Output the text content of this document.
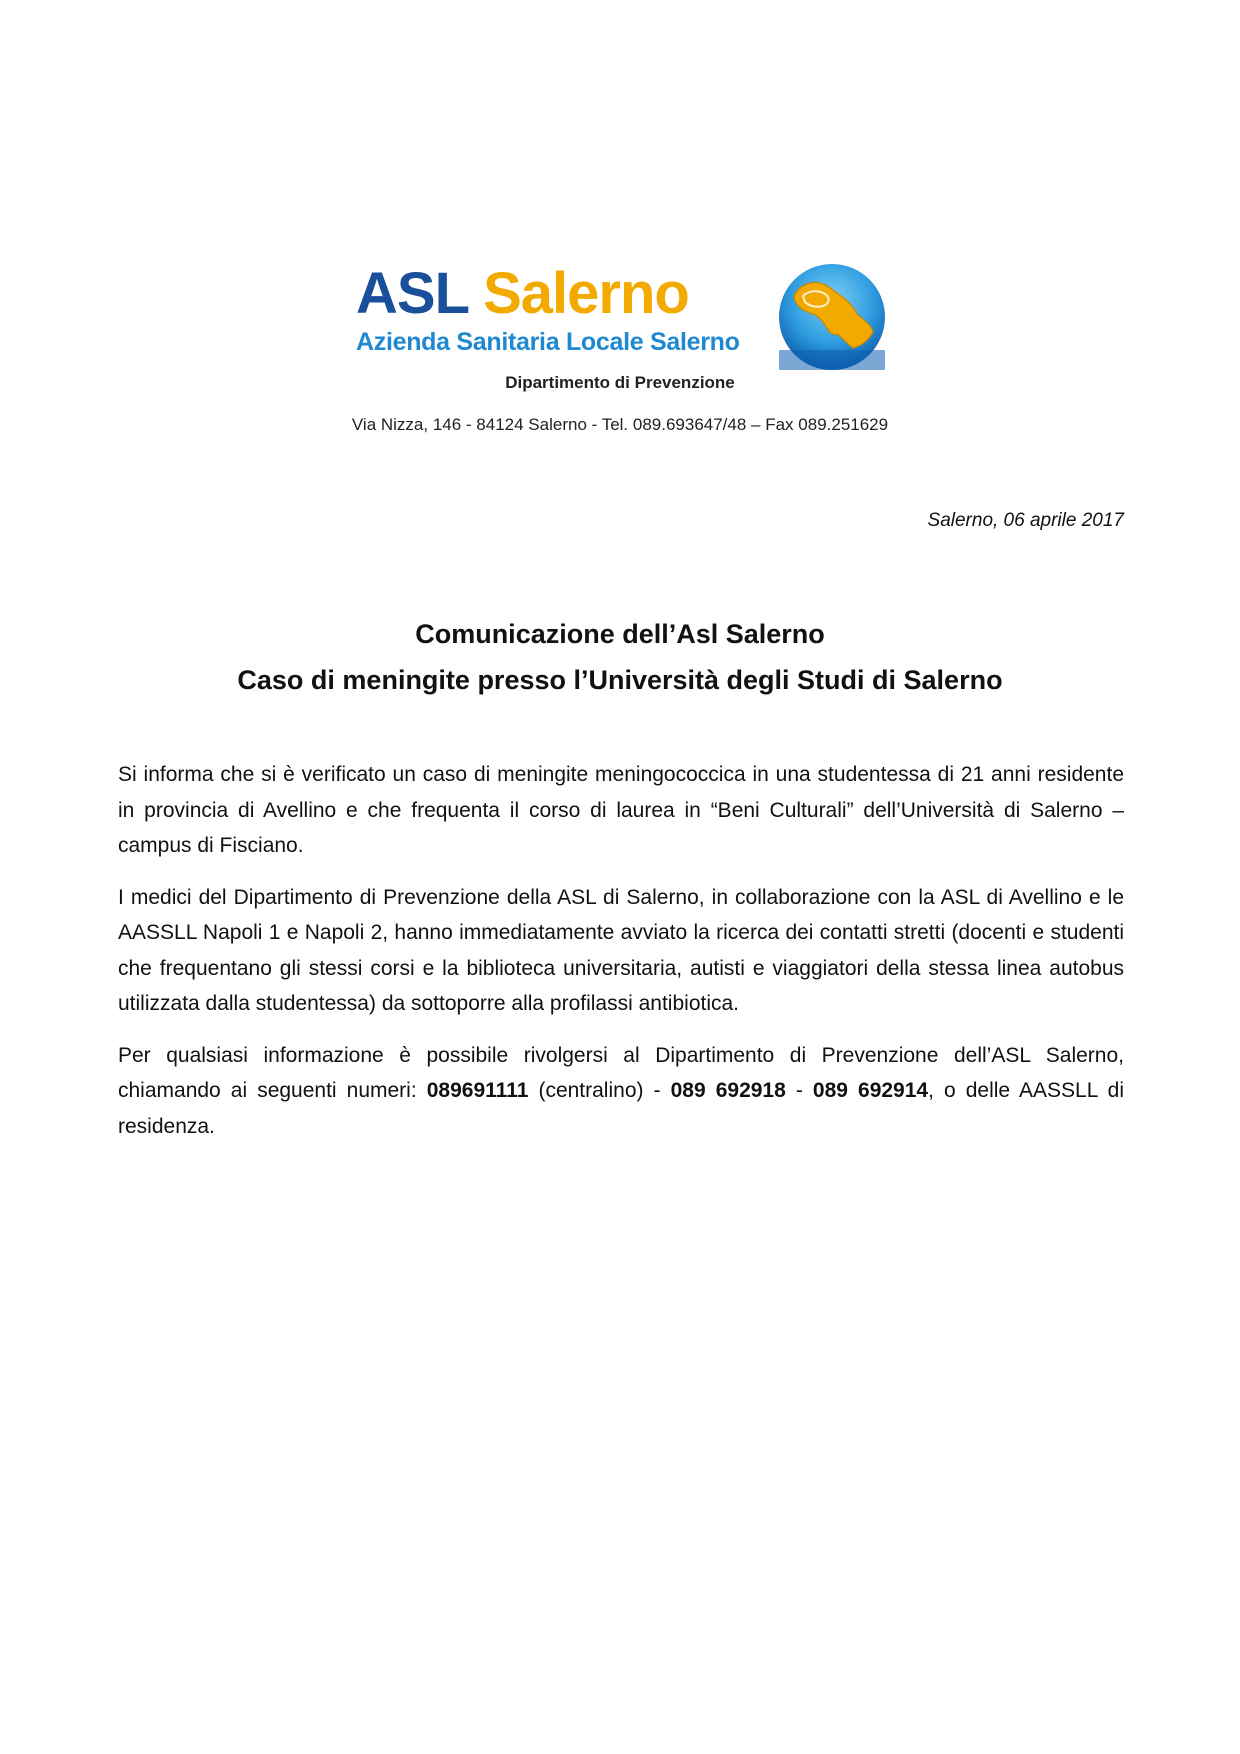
ASL Salerno
Azienda Sanitaria Locale Salerno
Dipartimento di Prevenzione
Via Nizza, 146 - 84124 Salerno - Tel. 089.693647/48 – Fax 089.251629
Salerno, 06 aprile 2017
Comunicazione dell’Asl Salerno
Caso di meningite presso l’Università degli Studi di Salerno

Si informa che si è verificato un caso di meningite meningococcica in una studentessa di 21 anni residente in provincia di Avellino e che frequenta il corso di laurea in “Beni Culturali” dell’Università di Salerno – campus di Fisciano.

I medici del Dipartimento di Prevenzione della ASL di Salerno, in collaborazione con la ASL di Avellino e le AASSLL Napoli 1 e Napoli 2, hanno immediatamente avviato la ricerca dei contatti stretti (docenti e studenti che frequentano gli stessi corsi e la biblioteca universitaria, autisti e viaggiatori della stessa linea autobus utilizzata dalla studentessa) da sottoporre alla profilassi antibiotica.

Per qualsiasi informazione è possibile rivolgersi al Dipartimento di Prevenzione dell’ASL Salerno, chiamando ai seguenti numeri: 089691111 (centralino) - 089 692918 - 089 692914, o delle AASSLL di residenza.
